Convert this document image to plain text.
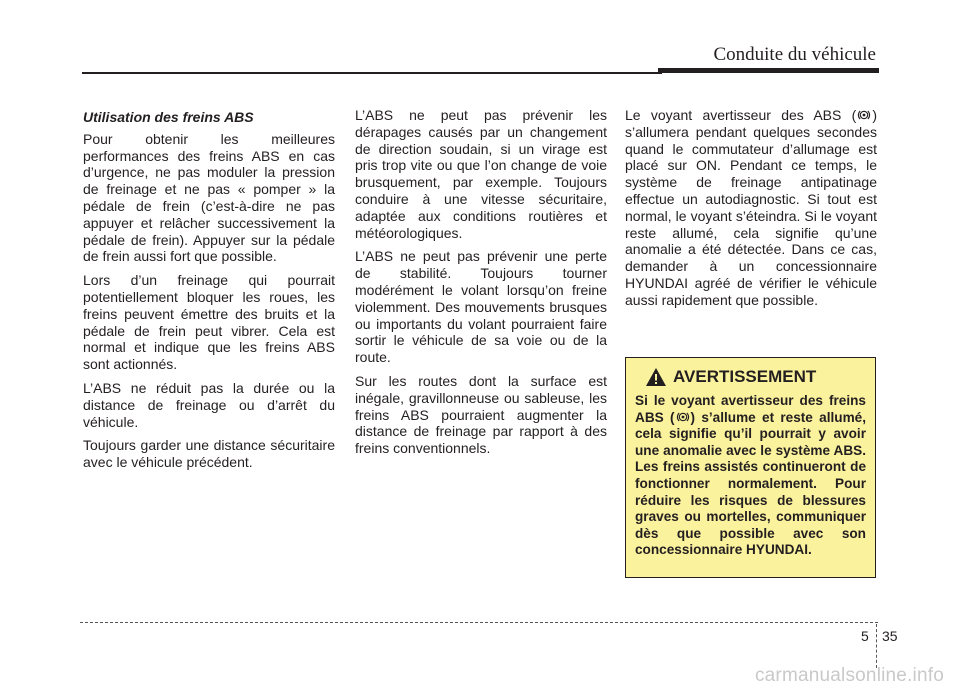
Conduite du véhicule
Utilisation des freins ABS

Pour obtenir les meilleures performances des freins ABS en cas d’urgence, ne pas moduler la pression de freinage et ne pas « pomper » la pédale de frein (c’est-à-dire ne pas appuyer et relâcher successivement la pédale de frein). Appuyer sur la pédale de frein aussi fort que possible.

Lors d’un freinage qui pourrait potentiellement bloquer les roues, les freins peuvent émettre des bruits et la pédale de frein peut vibrer. Cela est normal et indique que les freins ABS sont actionnés.

L’ABS ne réduit pas la durée ou la distance de freinage ou d’arrêt du véhicule.

Toujours garder une distance sécuritaire avec le véhicule précédent.

L’ABS ne peut pas prévenir les dérapages causés par un changement de direction soudain, si un virage est pris trop vite ou que l’on change de voie brusquement, par exemple. Toujours conduire à une vitesse sécuritaire, adaptée aux conditions routières et météorologiques.

L’ABS ne peut pas prévenir une perte de stabilité. Toujours tourner modérément le volant lorsqu’on freine violemment. Des mouvements brusques ou importants du volant pourraient faire sortir le véhicule de sa voie ou de la route.

Sur les routes dont la surface est inégale, gravillonneuse ou sableuse, les freins ABS pourraient augmenter la distance de freinage par rapport à des freins conventionnels.

Le voyant avertisseur des ABS ( ) s’allumera pendant quelques secondes quand le commutateur d’allumage est placé sur ON. Pendant ce temps, le système de freinage antipatinage effectue un autodiagnostic. Si tout est normal, le voyant s’éteindra. Si le voyant reste allumé, cela signifie qu’une anomalie a été détectée. Dans ce cas, demander à un concessionnaire HYUNDAI agréé de vérifier le véhicule aussi rapidement que possible.

AVERTISSEMENT

Si le voyant avertisseur des freins ABS ( ) s’allume et reste allumé, cela signifie qu’il pourrait y avoir une anomalie avec le système ABS. Les freins assistés continueront de fonctionner normalement. Pour réduire les risques de blessures graves ou mortelles, communiquer dès que possible avec son concessionnaire HYUNDAI.

5 35
carmanualsonline.info
